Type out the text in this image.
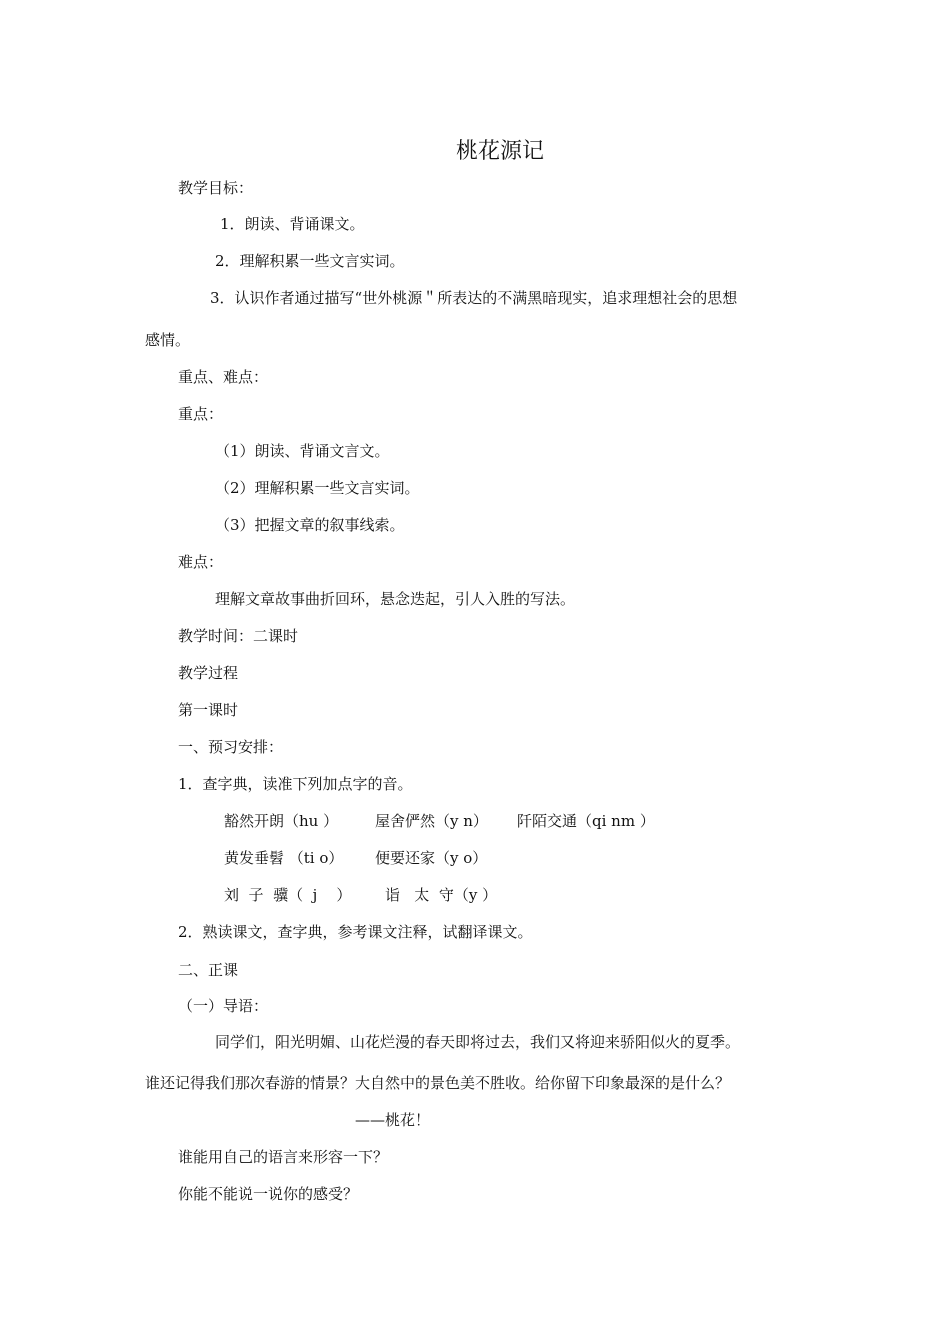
桃花源记
教学目标：
1．朗读、背诵课文。
2．理解积累一些文言实词。
3．认识作者通过描写“世外桃源＂所表达的不满黑暗现实，追求理想社会的思想
感情。
重点、难点：
重点：
（1）朗读、背诵文言文。
（2）理解积累一些文言实词。
（3）把握文章的叙事线索。
难点：
理解文章故事曲折回环，悬念迭起，引人入胜的写法。
教学时间：二课时
教学过程
第一课时
一、预习安排：
1．查字典，读准下列加点字的音。
豁然开朗（hu ） 屋舍俨然（y n） 阡陌交通（qi nm ）
黄发垂髫 （ti o） 便要还家（y o）
刘  子  骥（  j    ） 诣   太  守（y ）
2．熟读课文，查字典，参考课文注释，试翻译课文。
二、正课
（一）导语：
同学们，阳光明媚、山花烂漫的春天即将过去，我们又将迎来骄阳似火的夏季。
谁还记得我们那次春游的情景？大自然中的景色美不胜收。给你留下印象最深的是什么？
——桃花！
谁能用自己的语言来形容一下？
你能不能说一说你的感受？
